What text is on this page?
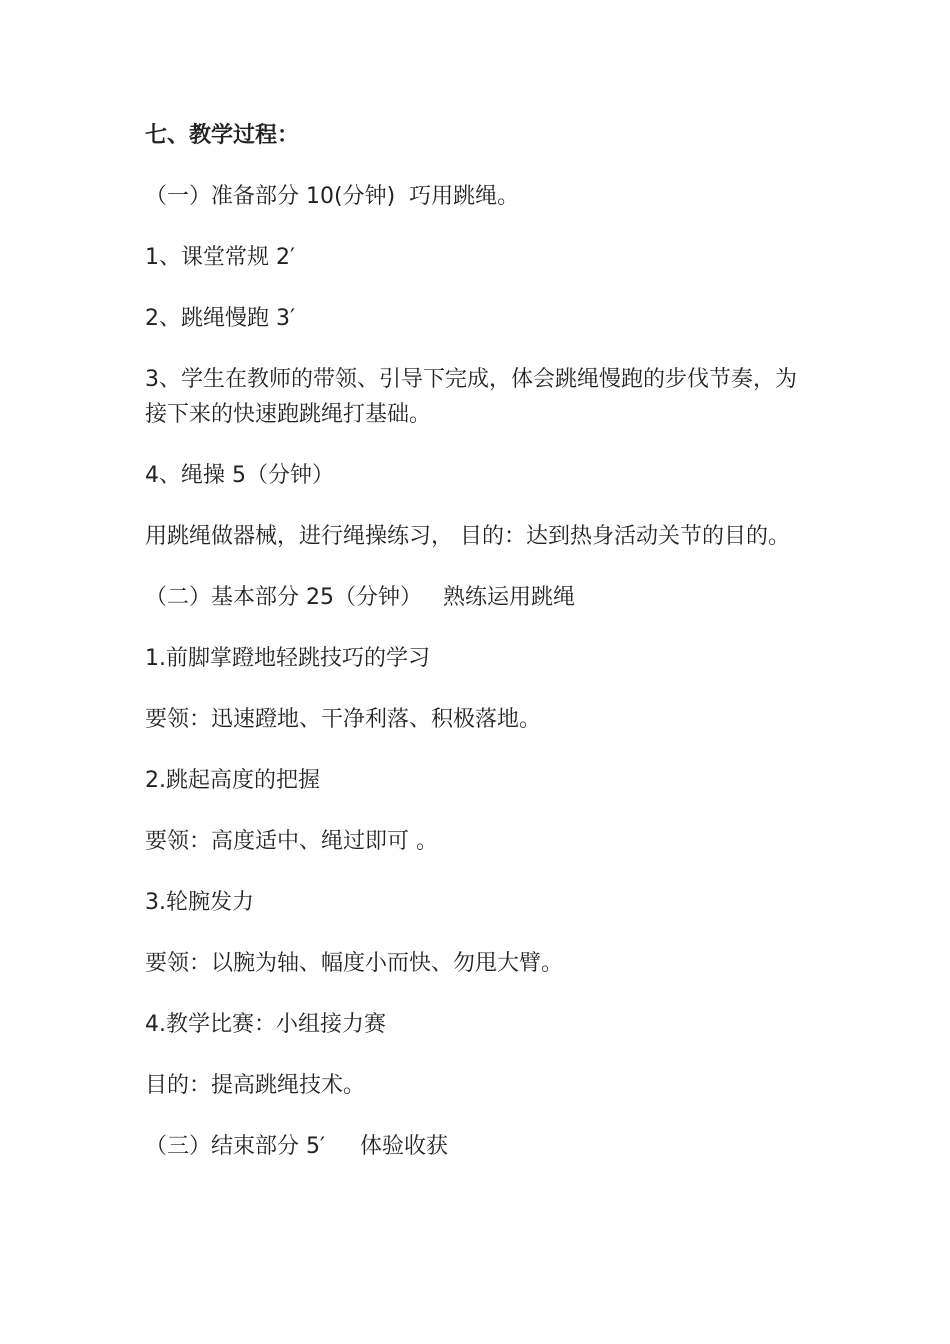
七、教学过程：

（一）准备部分 10(分钟)  巧用跳绳。

1、课堂常规 2′

2、跳绳慢跑 3′

3、学生在教师的带领、引导下完成，体会跳绳慢跑的步伐节奏，为接下来的快速跑跳绳打基础。

4、绳操 5（分钟）

用跳绳做器械，进行绳操练习， 目的：达到热身活动关节的目的。

（二）基本部分 25（分钟）   熟练运用跳绳

1.前脚掌蹬地轻跳技巧的学习

要领：迅速蹬地、干净利落、积极落地。

2.跳起高度的把握

要领：高度适中、绳过即可 。

3.轮腕发力

要领：以腕为轴、幅度小而快、勿甩大臂。

4.教学比赛：小组接力赛

目的：提高跳绳技术。

（三）结束部分 5′     体验收获
